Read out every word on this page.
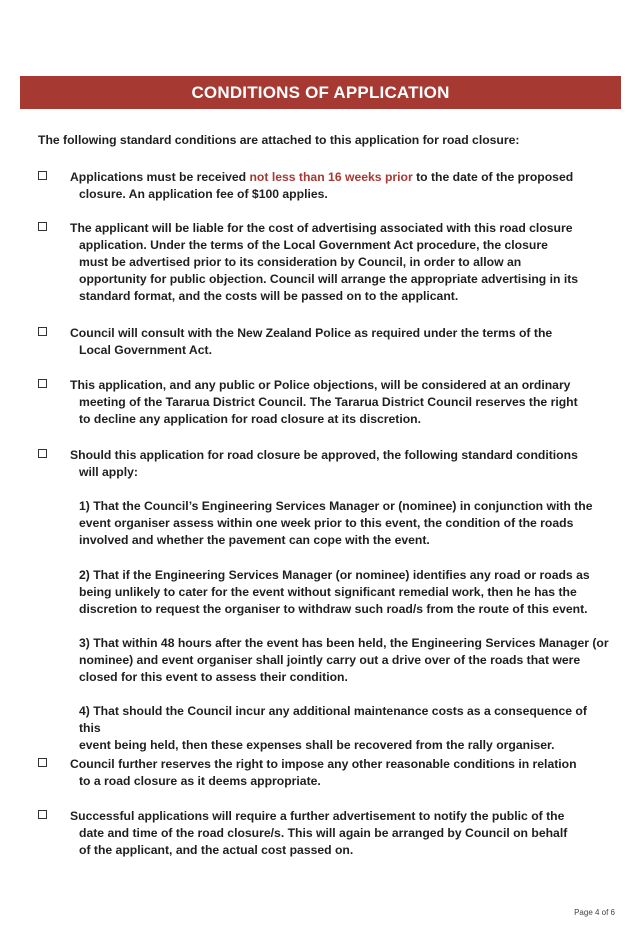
CONDITIONS OF APPLICATION
The following standard conditions are attached to this application for road closure:
Applications must be received not less than 16 weeks prior to the date of the proposed
closure. An application fee of $100 applies.
The applicant will be liable for the cost of advertising associated with this road closure
application. Under the terms of the Local Government Act procedure, the closure
must be advertised prior to its consideration by Council, in order to allow an
opportunity for public objection. Council will arrange the appropriate advertising in its
standard format, and the costs will be passed on to the applicant.
Council will consult with the New Zealand Police as required under the terms of the
Local Government Act.
This application, and any public or Police objections, will be considered at an ordinary
meeting of the Tararua District Council. The Tararua District Council reserves the right
to decline any application for road closure at its discretion.
Should this application for road closure be approved, the following standard conditions
will apply:
1) That the Council’s Engineering Services Manager or (nominee) in conjunction with the
event organiser assess within one week prior to this event, the condition of the roads
involved and whether the pavement can cope with the event.
2) That if the Engineering Services Manager (or nominee) identifies any road or roads as
being unlikely to cater for the event without significant remedial work, then he has the
discretion to request the organiser to withdraw such road/s from the route of this event.
3) That within 48 hours after the event has been held, the Engineering Services Manager (or
nominee) and event organiser shall jointly carry out a drive over of the roads that were
closed for this event to assess their condition.
4) That should the Council incur any additional maintenance costs as a consequence of this
event being held, then these expenses shall be recovered from the rally organiser.
Council further reserves the right to impose any other reasonable conditions in relation
to a road closure as it deems appropriate.
Successful applications will require a further advertisement to notify the public of the
date and time of the road closure/s. This will again be arranged by Council on behalf
of the applicant, and the actual cost passed on.
Page 4 of 6
